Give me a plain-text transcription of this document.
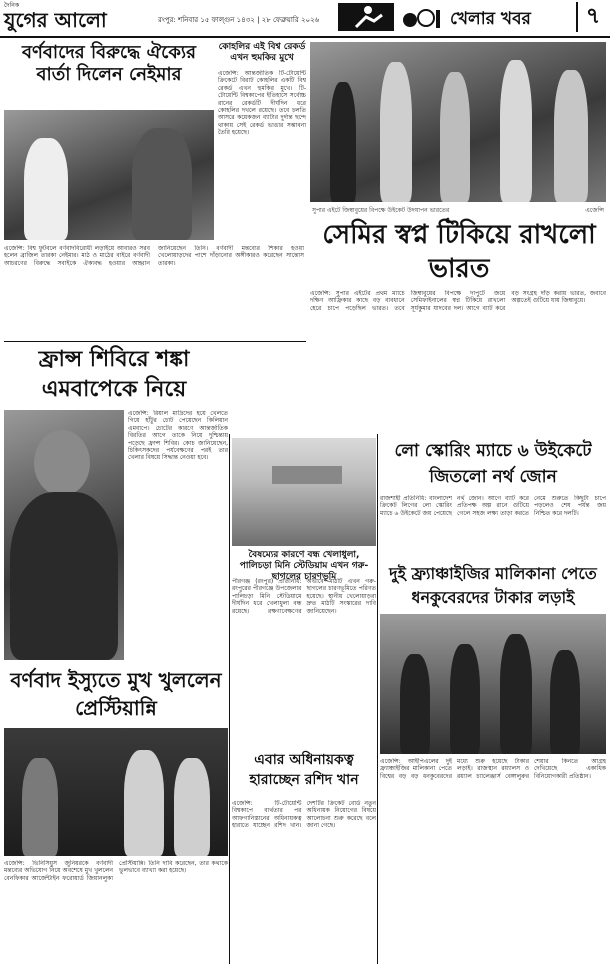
দৈনিক
যুগের আলো	রংপুর: শনিবার ১৫ ফাল্গুন ১৪৩২ | ২৮ ফেব্রুয়ারি ২০২৬	খেলার খবর	৭
বর্ণবাদের বিরুদ্ধে ঐক্যের বার্তা দিলেন নেইমার
এজেন্সি: বিশ্ব ফুটবলে বর্ণবাদবিরোধী লড়াইয়ে আবারও সরব হলেন ব্রাজিল তারকা নেইমার। মাঠ ও মাঠের বাইরে বর্ণবাদী আচরণের বিরুদ্ধে সবাইকে ঐক্যবদ্ধ হওয়ার আহ্বান জানিয়েছেন তিনি। বর্ণবাদী মন্তব্যের শিকার হওয়া খেলোয়াড়দের পাশে দাঁড়ানোর অঙ্গীকারও করেছেন সান্তোস তারকা।
কোহলির এই বিশ্ব রেকর্ড এখন হুমকির মুখে
এজেন্সি: আন্তর্জাতিক টি-টোয়েন্টি ক্রিকেটে বিরাট কোহলির একটি বিশ্ব রেকর্ড এখন হুমকির মুখে। টি-টোয়েন্টি বিশ্বকাপের ইতিহাসে সর্বোচ্চ রানের রেকর্ডটি দীর্ঘদিন ধরে কোহলির দখলে রয়েছে। তবে চলতি আসরে কয়েকজন ব্যাটার দুর্দান্ত ছন্দে থাকায় সেই রেকর্ড ভাঙার সম্ভাবনা তৈরি হয়েছে।
সুপার এইটে জিম্বাবুয়ের বিপক্ষে উইকেট উদযাপন ভারতের	এজেন্সি
সেমির স্বপ্ন টিকিয়ে রাখলো ভারত
এজেন্সি: সুপার এইটের প্রথম ম্যাচে দক্ষিণ আফ্রিকার কাছে বড় ব্যবধানে হেরে চাপে পড়েছিল ভারত। তবে জিম্বাবুয়ের বিপক্ষে দাপুটে জয়ে সেমিফাইনালের স্বপ্ন টিকিয়ে রাখলো সূর্যকুমার যাদবের দল। আগে ব্যাট করে বড় সংগ্রহ দাঁড় করায় ভারত, জবাবে অল্পতেই গুটিয়ে যায় জিম্বাবুয়ে।
ফ্রান্স শিবিরে শঙ্কা এমবাপেকে নিয়ে
এজেন্সি: রিয়াল মাদ্রিদের হয়ে খেলতে গিয়ে হাঁটুর চোট পেয়েছেন কিলিয়ান এমবাপে। চোটের কারণে আন্তর্জাতিক বিরতির আগে তাকে নিয়ে দুশ্চিন্তায় পড়েছে ফ্রান্স শিবির। কোচ জানিয়েছেন, চিকিৎসকদের পর্যবেক্ষণের পরই তার খেলার বিষয়ে সিদ্ধান্ত নেওয়া হবে।
বৈষম্যের কারণে বন্ধ খেলাধুলা, পালিচড়া মিনি স্টেডিয়াম এখন গরু-ছাগলের চারণভূমি
পীরগঞ্জ (রংপুর) প্রতিনিধি: রংপুরের পীরগঞ্জে উপজেলার পালিচড়া মিনি স্টেডিয়ামে দীর্ঘদিন ধরে খেলাধুলা বন্ধ রয়েছে। রক্ষণাবেক্ষণের অভাবে মাঠটি এখন গরু-ছাগলের চারণভূমিতে পরিণত হয়েছে। স্থানীয় খেলোয়াড়রা দ্রুত মাঠটি সংস্কারের দাবি জানিয়েছেন।
লো স্কোরিং ম্যাচে ৬ উইকেটে জিতলো নর্থ জোন
রাজশাহী প্রতিনিধি: বাংলাদেশ ক্রিকেট লিগের লো স্কোরিং ম্যাচে ৬ উইকেটে জয় পেয়েছে নর্থ জোন। আগে ব্যাট করে প্রতিপক্ষ অল্প রানে গুটিয়ে গেলে সহজ লক্ষ্য তাড়া করতে নেমে শুরুতে কিছুটা চাপে পড়লেও শেষ পর্যন্ত জয় নিশ্চিত করে দলটি।
দুই ফ্র্যাঞ্চাইজির মালিকানা পেতে ধনকুবেরদের টাকার লড়াই
এজেন্সি: আইপিএলের দুই ফ্র্যাঞ্চাইজির মালিকানা পেতে বিশ্বের বড় বড় ধনকুবেরদের মধ্যে শুরু হয়েছে টাকার লড়াই। রাজস্থান রয়্যালস ও রয়্যাল চ্যালেঞ্জার্স বেঙ্গালুরুর শেয়ার কিনতে আগ্রহ দেখিয়েছে একাধিক বিনিয়োগকারী প্রতিষ্ঠান।
বর্ণবাদ ইস্যুতে মুখ খুললেন প্রেস্টিয়ান্নি
এজেন্সি: ভিনিসিয়ুস জুনিয়রকে বর্ণবাদী মন্তব্যের অভিযোগ নিয়ে অবশেষে মুখ খুললেন বেনফিকার আর্জেন্টাইন ফরোয়ার্ড জিয়ানলুকা প্রেস্টিয়ান্নি। তিনি দাবি করেছেন, তার কথাকে ভুলভাবে ব্যাখ্যা করা হয়েছে।
এবার অধিনায়কত্ব হারাচ্ছেন রশিদ খান
এজেন্সি: টি-টোয়েন্টি বিশ্বকাপে ব্যর্থতার পর আফগানিস্তানের অধিনায়কত্ব হারাতে যাচ্ছেন রশিদ খান। দেশটির ক্রিকেট বোর্ড নতুন অধিনায়ক নিয়োগের বিষয়ে আলোচনা শুরু করেছে বলে জানা গেছে।
